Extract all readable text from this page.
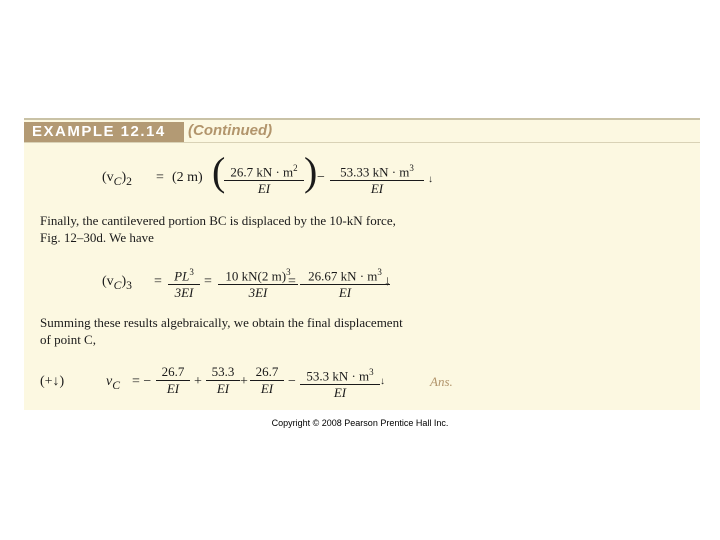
EXAMPLE 12.14 (Continued)
$(v_C)_2 = (2$ m) (
$\frac{26.7 kN \cdot m^2}{EI}$ ) − $\frac{53.33 kN \cdot m^3}{EI}$ ↓
Finally, the cantilevered portion BC is displaced by the 10-kN force,
Fig. 12–30d. We have
$(v_C)_3 = \frac{PL^3}{3EI} = \frac{10 kN(2 m)^3}{3EI}$
= $\frac{26.67 kN \cdot m^3}{EI}$
↓
Summing these results algebraically, we obtain the final displacement
of point C,
(+↓)	$v_C$ = − $\frac{26.7}{EI} + \frac{53.3}{EI} + \frac{26.7}{EI} - \frac{53.3 kN \cdot m^3}{EI}$ ↓	Ans.
Copyright © 2008 Pearson Prentice Hall Inc.
